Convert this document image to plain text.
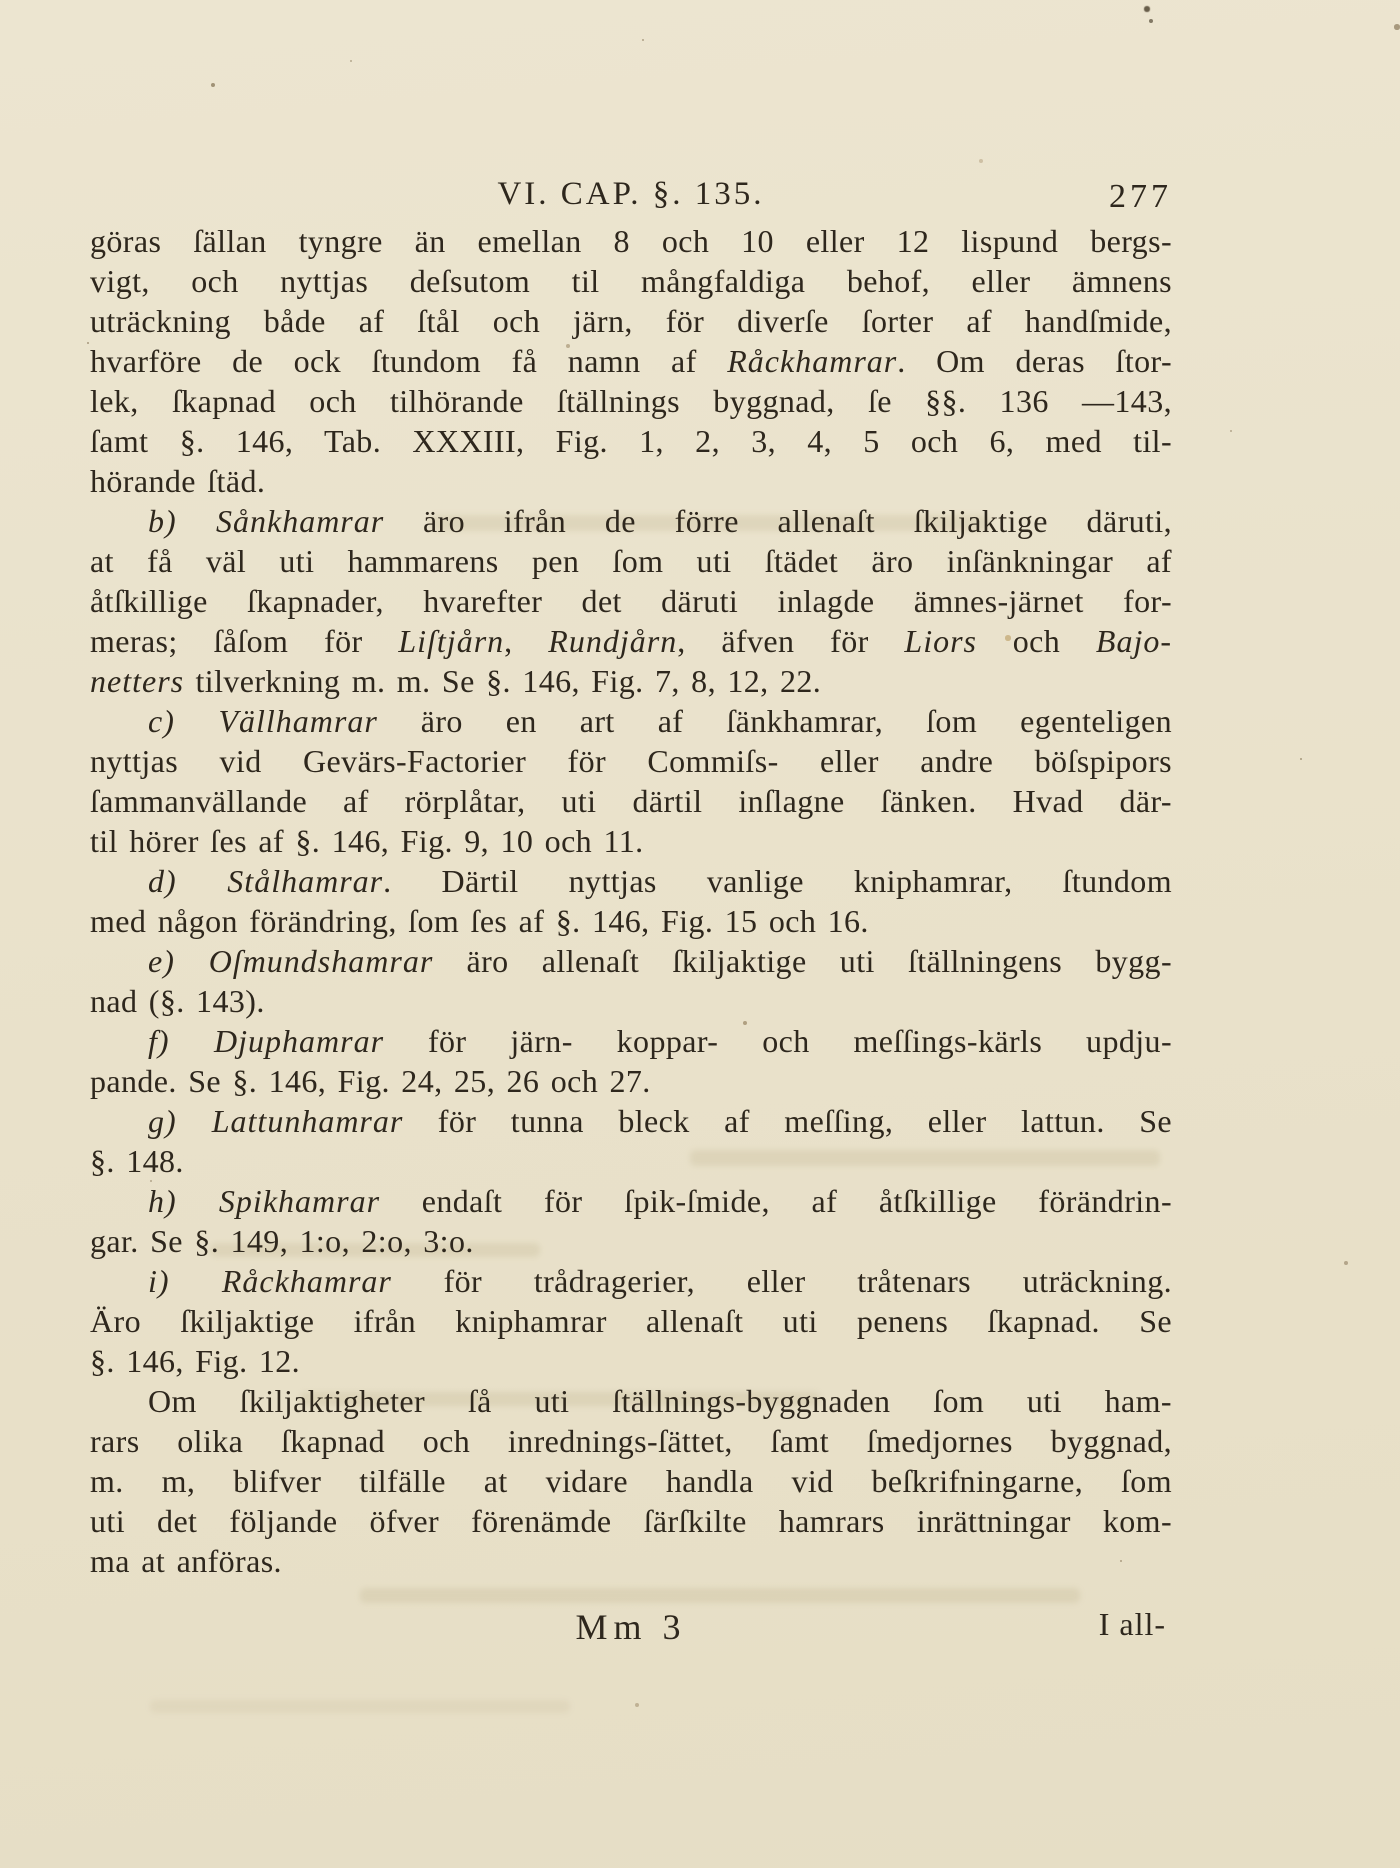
VI. CAP. §. 135.	277
göras ſällan tyngre än emellan 8 och 10 eller 12 lispund bergs-
vigt, och nyttjas deſsutom til mångfaldiga behof, eller ämnens
uträckning både af ſtål och järn, för diverſe ſorter af handſmide,
hvarföre de ock ſtundom få namn af Råckhamrar. Om deras ſtor-
lek, ſkapnad och tilhörande ſtällnings byggnad, ſe §§. 136 —143,
ſamt §. 146, Tab. XXXIII, Fig. 1, 2, 3, 4, 5 och 6, med til-
hörande ſtäd.
b) Sånkhamrar äro ifrån de förre allenaſt ſkiljaktige däruti,
at få väl uti hammarens pen ſom uti ſtädet äro inſänkningar af
åtſkillige ſkapnader, hvarefter det däruti inlagde ämnes-järnet for-
meras; ſåſom för Liſtjårn, Rundjårn, äfven för Liors och Bajo-
netters tilverkning m. m. Se §. 146, Fig. 7, 8, 12, 22.
c) Vällhamrar äro en art af ſänkhamrar, ſom egenteligen
nyttjas vid Gevärs-Factorier för Commiſs- eller andre böſspipors
ſammanvällande af rörplåtar, uti därtil inſlagne ſänken. Hvad där-
til hörer ſes af §. 146, Fig. 9, 10 och 11.
d) Stålhamrar. Därtil nyttjas vanlige kniphamrar, ſtundom
med någon förändring, ſom ſes af §. 146, Fig. 15 och 16.
e) Oſmundshamrar äro allenaſt ſkiljaktige uti ſtällningens bygg-
nad (§. 143).
f) Djuphamrar för järn- koppar- och meſſings-kärls updju-
pande. Se §. 146, Fig. 24, 25, 26 och 27.
g) Lattunhamrar för tunna bleck af meſſing, eller lattun. Se
§. 148.
h) Spikhamrar endaſt för ſpik-ſmide, af åtſkillige förändrin-
gar. Se §. 149, 1:o, 2:o, 3:o.
i) Råckhamrar för trådragerier, eller tråtenars uträckning.
Äro ſkiljaktige ifrån kniphamrar allenaſt uti penens ſkapnad. Se
§. 146, Fig. 12.
Om ſkiljaktigheter ſå uti ſtällnings-byggnaden ſom uti ham-
rars olika ſkapnad och inrednings-ſättet, ſamt ſmedjornes byggnad,
m. m, blifver tilfälle at vidare handla vid beſkrifningarne, ſom
uti det följande öfver förenämde ſärſkilte hamrars inrättningar kom-
ma at anföras.
Mm 3	I all-
